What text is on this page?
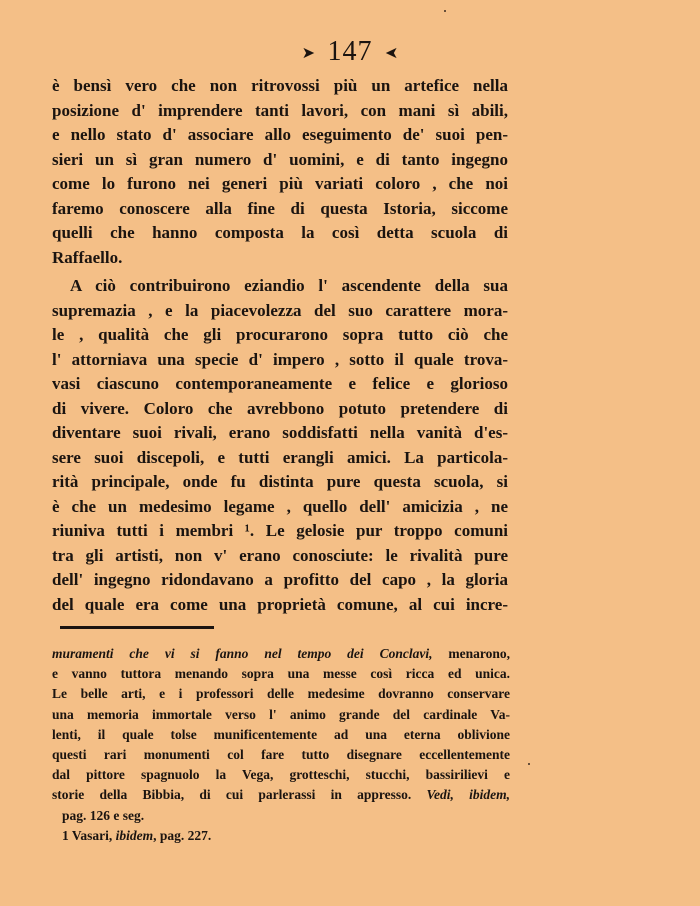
➤ 147 ➤
è bensì vero che non ritrovossi più un artefice nella
posizione d' imprendere tanti lavori, con mani sì abili,
e nello stato d' associare allo eseguimento de' suoi pen-
sieri un sì gran numero d' uomini, e di tanto ingegno
come lo furono nei generi più variati coloro , che noi
faremo conoscere alla fine di questa Istoria, siccome
quelli che hanno composta la così detta scuola di
Raffaello.
A ciò contribuirono eziandio l' ascendente della sua
supremazia , e la piacevolezza del suo carattere mora-
le , qualità che gli procurarono sopra tutto ciò che
l' attorniava una specie d' impero , sotto il quale trova-
vasi ciascuno contemporaneamente e felice e glorioso
di vivere. Coloro che avrebbono potuto pretendere di
diventare suoi rivali, erano soddisfatti nella vanità d'es-
sere suoi discepoli, e tutti erangli amici. La particola-
rità principale, onde fu distinta pure questa scuola, si
è che un medesimo legame , quello dell' amicizia , ne
riuniva tutti i membri ¹. Le gelosie pur troppo comuni
tra gli artisti, non v' erano conosciute: le rivalità pure
dell' ingegno ridondavano a profitto del capo , la gloria
del quale era come una proprietà comune, al cui incre-
muramenti che vi si fanno nel tempo dei Conclavi, menarono,
e vanno tuttora menando sopra una messe così ricca ed unica.
Le belle arti, e i professori delle medesime dovranno conservare
una memoria immortale verso l' animo grande del cardinale Va-
lenti, il quale tolse munificentemente ad una eterna oblivione
questi rari monumenti col fare tutto disegnare eccellentemente
dal pittore spagnuolo la Vega, grotteschi, stucchi, bassirilievi e
storie della Bibbia, di cui parlerassi in appresso. Vedi, ibidem,
pag. 126 e seg.
1 Vasari, ibidem, pag. 227.
